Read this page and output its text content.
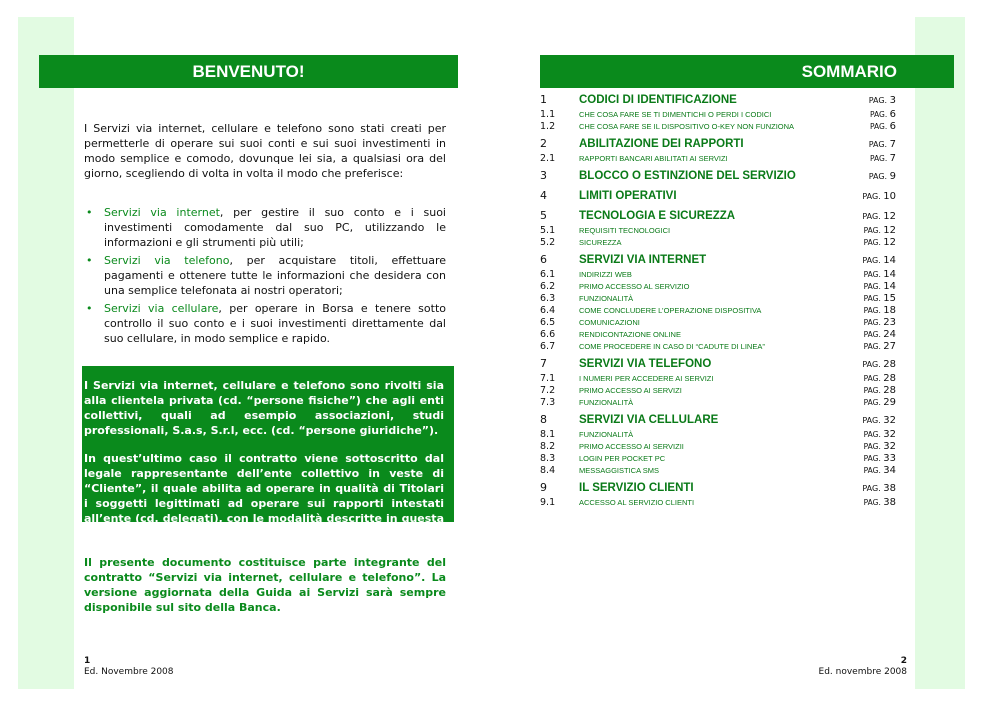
BENVENUTO!	SOMMARIO

I Servizi via internet, cellulare e telefono sono stati creati per permetterle di operare sui suoi conti e sui suoi investimenti in modo semplice e comodo, dovunque lei sia, a qualsiasi ora del giorno, scegliendo di volta in volta il modo che preferisce:

• Servizi via internet, per gestire il suo conto e i suoi investimenti comodamente dal suo PC, utilizzando le informazioni e gli strumenti più utili;
• Servizi via telefono, per acquistare titoli, effettuare pagamenti e ottenere tutte le informazioni che desidera con una semplice telefonata ai nostri operatori;
• Servizi via cellulare, per operare in Borsa e tenere sotto controllo il suo conto e i suoi investimenti direttamente dal suo cellulare, in modo semplice e rapido.

I Servizi via internet, cellulare e telefono sono rivolti sia alla clientela privata (cd. “persone fisiche”) che agli enti collettivi, quali ad esempio associazioni, studi professionali, S.a.s, S.r.l, ecc. (cd. “persone giuridiche”).

In quest’ultimo caso il contratto viene sottoscritto dal legale rappresentante dell’ente collettivo in veste di “Cliente”, il quale abilita ad operare in qualità di Titolari i soggetti legittimati ad operare sui rapporti intestati all’ente (cd. delegati), con le modalità descritte in questa Guida.

Il presente documento costituisce parte integrante del contratto “Servizi via internet, cellulare e telefono”. La versione aggiornata della Guida ai Servizi sarà sempre disponibile sul sito della Banca.

1
Ed. Novembre 2008
2
Ed. novembre 2008
1	CODICI DI IDENTIFICAZIONE	PAG. 3
1.1	CHE COSA FARE SE TI DIMENTICHI O PERDI I CODICI	PAG. 6
1.2	CHE COSA FARE SE IL DISPOSITIVO O-KEY NON FUNZIONA	PAG. 6
2	ABILITAZIONE DEI RAPPORTI	PAG. 7
2.1	RAPPORTI BANCARI ABILITATI AI SERVIZI	PAG. 7
3	BLOCCO O ESTINZIONE DEL SERVIZIO	PAG. 9
4	LIMITI OPERATIVI	PAG. 10
5	TECNOLOGIA E SICUREZZA	PAG. 12
5.1	REQUISITI TECNOLOGICI	PAG. 12
5.2	SICUREZZA	PAG. 12
6	SERVIZI VIA INTERNET	PAG. 14
6.1	INDIRIZZI WEB	PAG. 14
6.2	PRIMO ACCESSO AL SERVIZIO	PAG. 14
6.3	FUNZIONALITÀ	PAG. 15
6.4	COME CONCLUDERE L’OPERAZIONE DISPOSITIVA	PAG. 18
6.5	COMUNICAZIONI	PAG. 23
6.6	RENDICONTAZIONE ONLINE	PAG. 24
6.7	COME PROCEDERE IN CASO DI “CADUTE DI LINEA”	PAG. 27
7	SERVIZI VIA TELEFONO	PAG. 28
7.1	I NUMERI PER ACCEDERE AI SERVIZI	PAG. 28
7.2	PRIMO ACCESSO AI SERVIZI	PAG. 28
7.3	FUNZIONALITÀ	PAG. 29
8	SERVIZI VIA CELLULARE	PAG. 32
8.1	FUNZIONALITÀ	PAG. 32
8.2	PRIMO ACCESSO AI SERVIZII	PAG. 32
8.3	LOGIN PER POCKET PC	PAG. 33
8.4	MESSAGGISTICA SMS	PAG. 34
9	IL SERVIZIO CLIENTI	PAG. 38
9.1	ACCESSO AL SERVIZIO CLIENTI	PAG. 38
